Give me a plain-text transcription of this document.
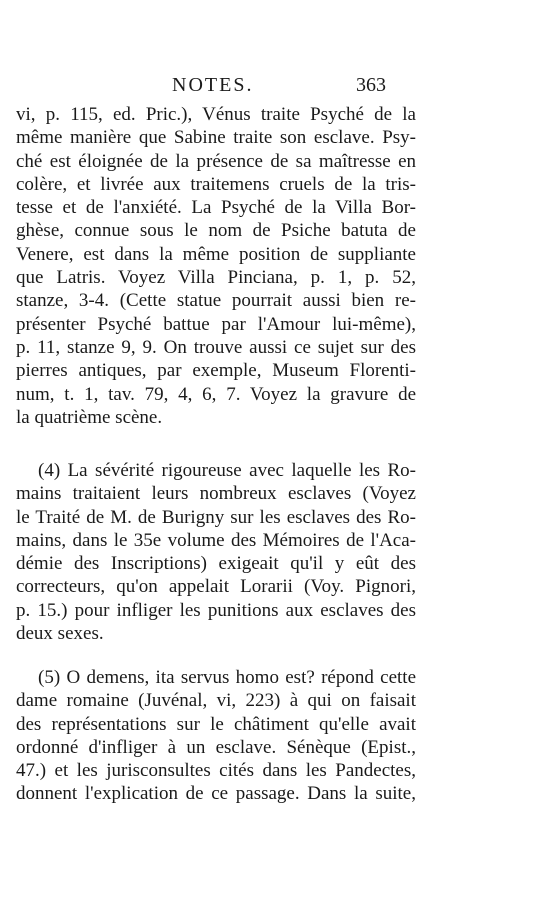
NOTES.	363
vi, p. 115, ed. Pric.), Vénus traite Psyché de la
même manière que Sabine traite son esclave. Psy-
ché est éloignée de la présence de sa maîtresse en
colère, et livrée aux traitemens cruels de la tris-
tesse et de l'anxiété. La Psyché de la Villa Bor-
ghèse, connue sous le nom de Psiche batuta de
Venere, est dans la même position de suppliante
que Latris. Voyez Villa Pinciana, p. 1, p. 52,
stanze, 3-4. (Cette statue pourrait aussi bien re-
présenter Psyché battue par l'Amour lui-même),
p. 11, stanze 9, 9. On trouve aussi ce sujet sur des
pierres antiques, par exemple, Museum Florenti-
num, t. 1, tav. 79, 4, 6, 7. Voyez la gravure de
la quatrième scène.
(4) La sévérité rigoureuse avec laquelle les Ro-
mains traitaient leurs nombreux esclaves (Voyez
le Traité de M. de Burigny sur les esclaves des Ro-
mains, dans le 35e volume des Mémoires de l'Aca-
démie des Inscriptions) exigeait qu'il y eût des
correcteurs, qu'on appelait Lorarii (Voy. Pignori,
p. 15.) pour infliger les punitions aux esclaves des
deux sexes.
(5) O demens, ita servus homo est? répond cette
dame romaine (Juvénal, vi, 223) à qui on faisait
des représentations sur le châtiment qu'elle avait
ordonné d'infliger à un esclave. Sénèque (Epist.,
47.) et les jurisconsultes cités dans les Pandectes,
donnent l'explication de ce passage. Dans la suite,
